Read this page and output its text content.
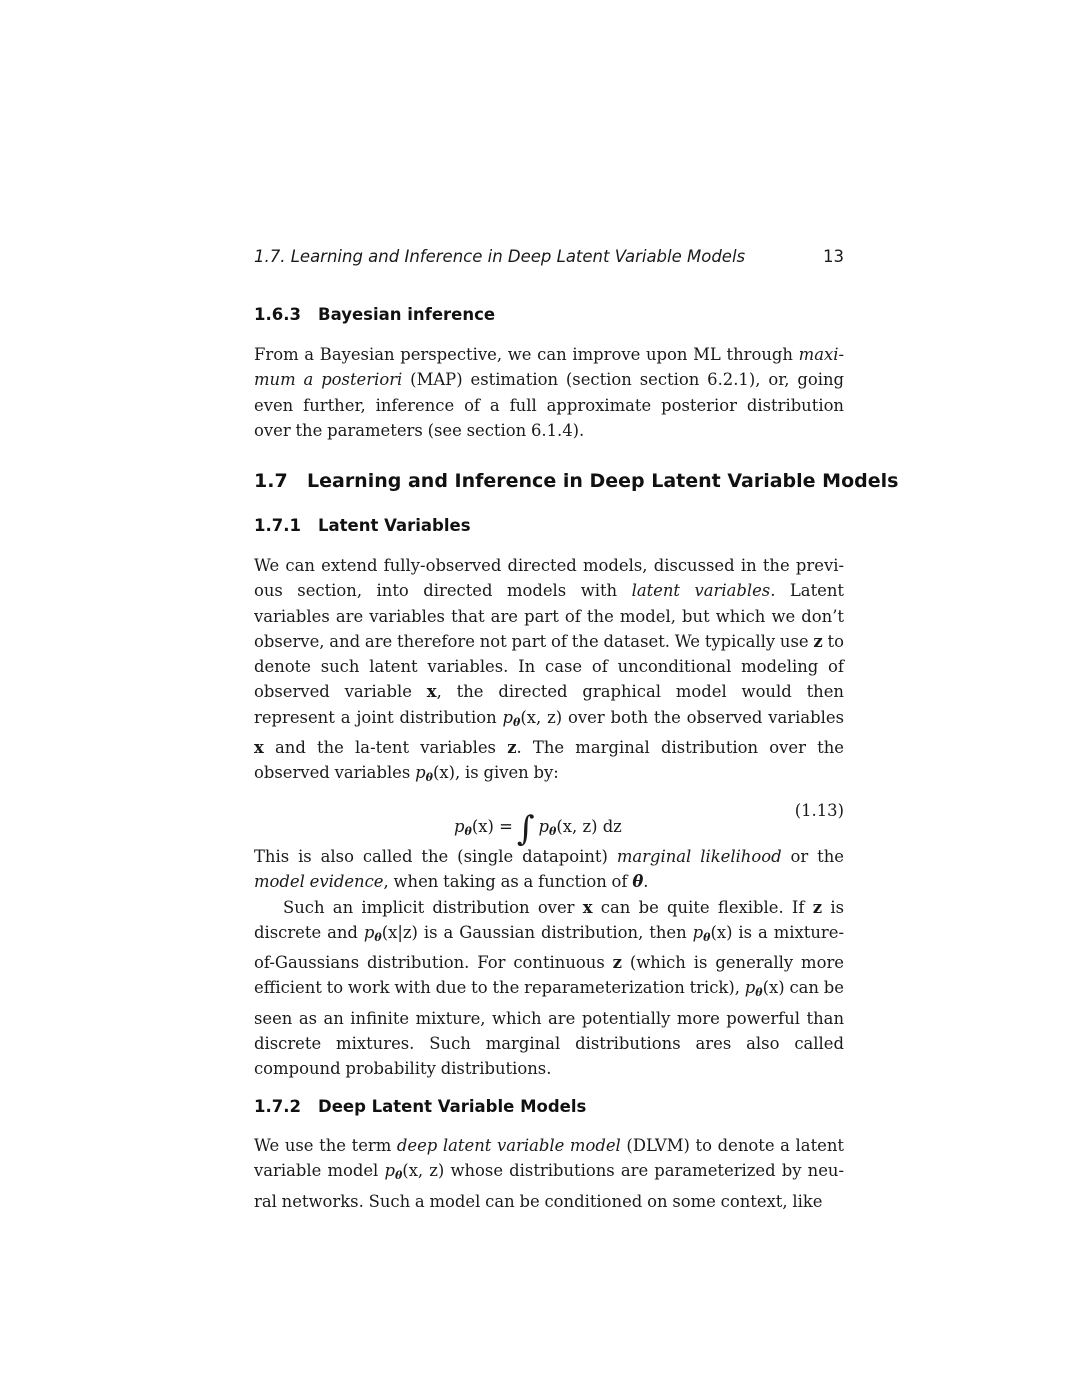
1.7. Learning and Inference in Deep Latent Variable Models	13
1.6.3 Bayesian inference
From a Bayesian perspective, we can improve upon ML through maxi-mum a posteriori (MAP) estimation (section section 6.2.1), or, going even further, inference of a full approximate posterior distribution over the parameters (see section 6.1.4).
1.7 Learning and Inference in Deep Latent Variable Models
1.7.1 Latent Variables
We can extend fully-observed directed models, discussed in the previ-ous section, into directed models with latent variables. Latent variables are variables that are part of the model, but which we don’t observe, and are therefore not part of the dataset. We typically use z to denote such latent variables. In case of unconditional modeling of observed variable x, the directed graphical model would then represent a joint distribution $p_\theta(x$, z) over both the observed variables x and the la-tent variables z. The marginal distribution over the observed variables $p_\theta(x)$, is given by:
$p_\theta(x)$ = ∫ $p_\theta(x$, z) dz
(1.13)
This is also called the (single datapoint) marginal likelihood or the model evidence, when taking as a function of θ.
Such an implicit distribution over x can be quite flexible. If z is discrete and $p_\theta(x|z)$ is a Gaussian distribution, then $p_\theta(x)$ is a mixture-of-Gaussians distribution. For continuous z (which is generally more efficient to work with due to the reparameterization trick), $p_\theta(x)$ can be seen as an infinite mixture, which are potentially more powerful than discrete mixtures. Such marginal distributions ares also called compound probability distributions.
1.7.2 Deep Latent Variable Models
We use the term deep latent variable model (DLVM) to denote a latent variable model $p_\theta(x$, z) whose distributions are parameterized by neu-ral networks. Such a model can be conditioned on some context, like
